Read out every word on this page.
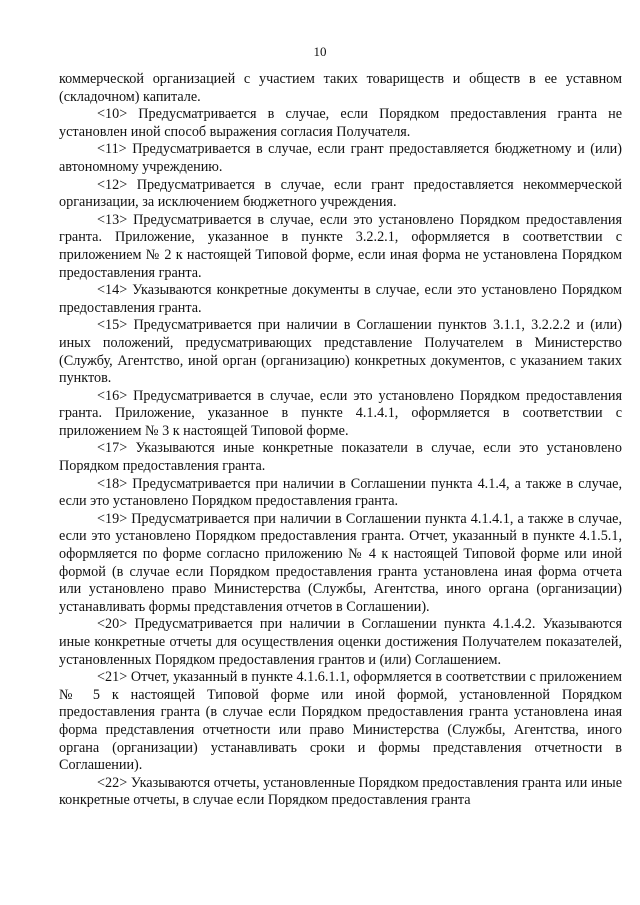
10

коммерческой организацией с участием таких товариществ и обществ в ее уставном (складочном) капитале.

<10> Предусматривается в случае, если Порядком предоставления гранта не установлен иной способ выражения согласия Получателя.

<11> Предусматривается в случае, если грант предоставляется бюджетному и (или) автономному учреждению.

<12> Предусматривается в случае, если грант предоставляется некоммерческой организации, за исключением бюджетного учреждения.

<13> Предусматривается в случае, если это установлено Порядком предоставления гранта. Приложение, указанное в пункте 3.2.2.1, оформляется в соответствии с приложением № 2 к настоящей Типовой форме, если иная форма не установлена Порядком предоставления гранта.

<14> Указываются конкретные документы в случае, если это установлено Порядком предоставления гранта.

<15> Предусматривается при наличии в Соглашении пунктов 3.1.1, 3.2.2.2 и (или) иных положений, предусматривающих представление Получателем в Министерство (Службу, Агентство, иной орган (организацию) конкретных документов, с указанием таких пунктов.

<16> Предусматривается в случае, если это установлено Порядком предоставления гранта. Приложение, указанное в пункте 4.1.4.1, оформляется в соответствии с приложением № 3 к настоящей Типовой форме.

<17> Указываются иные конкретные показатели в случае, если это установлено Порядком предоставления гранта.

<18> Предусматривается при наличии в Соглашении пункта 4.1.4, а также в случае, если это установлено Порядком предоставления гранта.

<19> Предусматривается при наличии в Соглашении пункта 4.1.4.1, а также в случае, если это установлено Порядком предоставления гранта. Отчет, указанный в пункте 4.1.5.1, оформляется по форме согласно приложению № 4 к настоящей Типовой форме или иной формой (в случае если Порядком предоставления гранта установлена иная форма отчета или установлено право Министерства (Службы, Агентства, иного органа (организации) устанавливать формы представления отчетов в Соглашении).

<20> Предусматривается при наличии в Соглашении пункта 4.1.4.2. Указываются иные конкретные отчеты для осуществления оценки достижения Получателем показателей, установленных Порядком предоставления грантов и (или) Соглашением.

<21> Отчет, указанный в пункте 4.1.6.1.1, оформляется в соответствии с приложением № 5 к настоящей Типовой форме или иной формой, установленной Порядком предоставления гранта (в случае если Порядком предоставления гранта установлена иная форма представления отчетности или право Министерства (Службы, Агентства, иного органа (организации) устанавливать сроки и формы представления отчетности в Соглашении).

<22> Указываются отчеты, установленные Порядком предоставления гранта или иные конкретные отчеты, в случае если Порядком предоставления гранта
